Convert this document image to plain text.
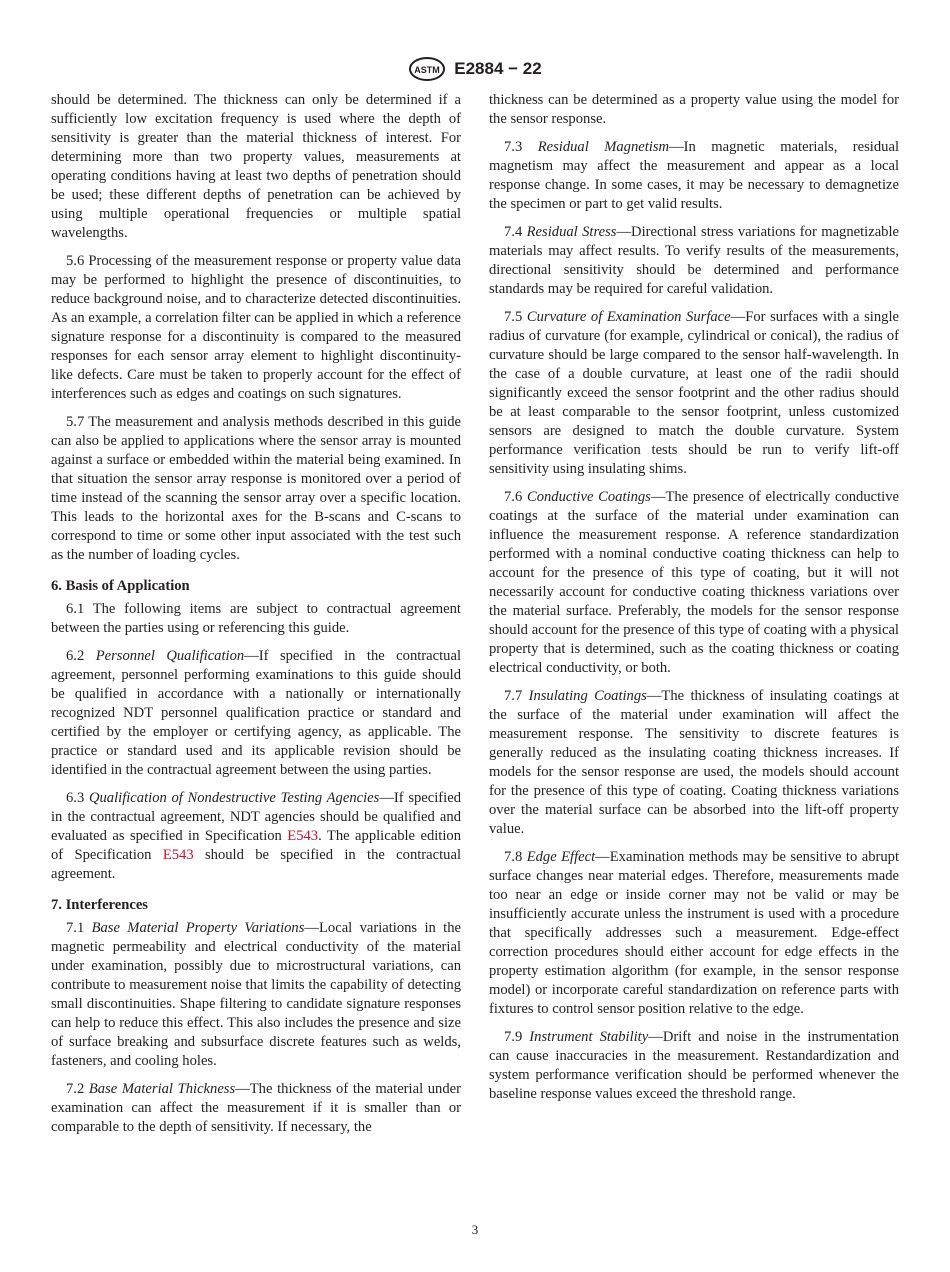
ASTM E2884 − 22

should be determined. The thickness can only be determined if a sufficiently low excitation frequency is used where the depth of sensitivity is greater than the material thickness of interest. For determining more than two property values, measurements at operating conditions having at least two depths of penetration should be used; these different depths of penetration can be achieved by using multiple operational frequencies or multiple spatial wavelengths.

5.6 Processing of the measurement response or property value data may be performed to highlight the presence of discontinuities, to reduce background noise, and to characterize detected discontinuities. As an example, a correlation filter can be applied in which a reference signature response for a discontinuity is compared to the measured responses for each sensor array element to highlight discontinuity-like defects. Care must be taken to properly account for the effect of interferences such as edges and coatings on such signatures.

5.7 The measurement and analysis methods described in this guide can also be applied to applications where the sensor array is mounted against a surface or embedded within the material being examined. In that situation the sensor array response is monitored over a period of time instead of the scanning the sensor array over a specific location. This leads to the horizontal axes for the B-scans and C-scans to correspond to time or some other input associated with the test such as the number of loading cycles.

6. Basis of Application

6.1 The following items are subject to contractual agreement between the parties using or referencing this guide.

6.2 Personnel Qualification—If specified in the contractual agreement, personnel performing examinations to this guide should be qualified in accordance with a nationally or internationally recognized NDT personnel qualification practice or standard and certified by the employer or certifying agency, as applicable. The practice or standard used and its applicable revision should be identified in the contractual agreement between the using parties.

6.3 Qualification of Nondestructive Testing Agencies—If specified in the contractual agreement, NDT agencies should be qualified and evaluated as specified in Specification E543. The applicable edition of Specification E543 should be specified in the contractual agreement.

7. Interferences

7.1 Base Material Property Variations—Local variations in the magnetic permeability and electrical conductivity of the material under examination, possibly due to microstructural variations, can contribute to measurement noise that limits the capability of detecting small discontinuities. Shape filtering to candidate signature responses can help to reduce this effect. This also includes the presence and size of surface breaking and subsurface discrete features such as welds, fasteners, and cooling holes.

7.2 Base Material Thickness—The thickness of the material under examination can affect the measurement if it is smaller than or comparable to the depth of sensitivity. If necessary, the

thickness can be determined as a property value using the model for the sensor response.

7.3 Residual Magnetism—In magnetic materials, residual magnetism may affect the measurement and appear as a local response change. In some cases, it may be necessary to demagnetize the specimen or part to get valid results.

7.4 Residual Stress—Directional stress variations for magnetizable materials may affect results. To verify results of the measurements, directional sensitivity should be determined and performance standards may be required for careful validation.

7.5 Curvature of Examination Surface—For surfaces with a single radius of curvature (for example, cylindrical or conical), the radius of curvature should be large compared to the sensor half-wavelength. In the case of a double curvature, at least one of the radii should significantly exceed the sensor footprint and the other radius should be at least comparable to the sensor footprint, unless customized sensors are designed to match the double curvature. System performance verification tests should be run to verify lift-off sensitivity using insulating shims.

7.6 Conductive Coatings—The presence of electrically conductive coatings at the surface of the material under examination can influence the measurement response. A reference standardization performed with a nominal conductive coating thickness can help to account for the presence of this type of coating, but it will not necessarily account for conductive coating thickness variations over the material surface. Preferably, the models for the sensor response should account for the presence of this type of coating with a physical property that is determined, such as the coating thickness or coating electrical conductivity, or both.

7.7 Insulating Coatings—The thickness of insulating coatings at the surface of the material under examination will affect the measurement response. The sensitivity to discrete features is generally reduced as the insulating coating thickness increases. If models for the sensor response are used, the models should account for the presence of this type of coating. Coating thickness variations over the material surface can be absorbed into the lift-off property value.

7.8 Edge Effect—Examination methods may be sensitive to abrupt surface changes near material edges. Therefore, measurements made too near an edge or inside corner may not be valid or may be insufficiently accurate unless the instrument is used with a procedure that specifically addresses such a measurement. Edge-effect correction procedures should either account for edge effects in the property estimation algorithm (for example, in the sensor response model) or incorporate careful standardization on reference parts with fixtures to control sensor position relative to the edge.

7.9 Instrument Stability—Drift and noise in the instrumentation can cause inaccuracies in the measurement. Restandardization and system performance verification should be performed whenever the baseline response values exceed the threshold range.

3
